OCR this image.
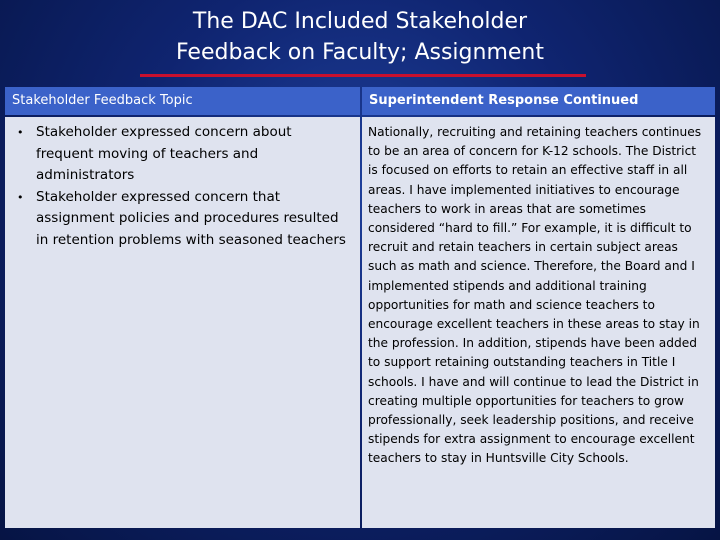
The DAC Included Stakeholder
Feedback on Faculty; Assignment
Stakeholder Feedback Topic	Superintendent Response Continued
• Stakeholder expressed concern about frequent moving of teachers and administrators
• Stakeholder expressed concern that assignment policies and procedures resulted in retention problems with seasoned teachers
Nationally, recruiting and retaining teachers continues to be an area of concern for K-12 schools. The District is focused on efforts to retain an effective staff in all areas. I have implemented initiatives to encourage teachers to work in areas that are sometimes considered “hard to fill.” For example, it is difficult to recruit and retain teachers in certain subject areas such as math and science. Therefore, the Board and I implemented stipends and additional training opportunities for math and science teachers to encourage excellent teachers in these areas to stay in the profession. In addition, stipends have been added to support retaining outstanding teachers in Title I schools. I have and will continue to lead the District in creating multiple opportunities for teachers to grow professionally, seek leadership positions, and receive stipends for extra assignment to encourage excellent teachers to stay in Huntsville City Schools.
